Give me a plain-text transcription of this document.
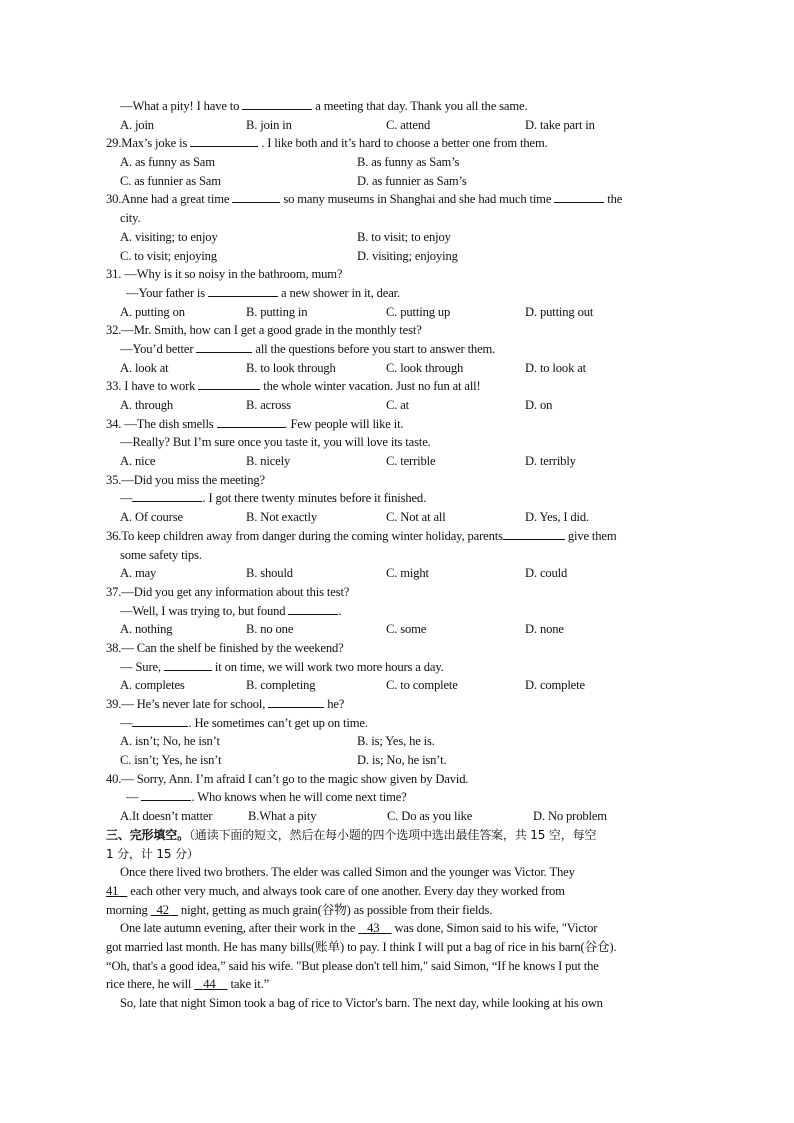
—What a pity! I have to	a meeting that day. Thank you all the same.
A. join	B. join in	C. attend	D. take part in
29.Max’s joke is	. I like both and it’s hard to choose a better one from them.
A. as funny as Sam	B. as funny as Sam’s
C. as funnier as Sam	D. as funnier as Sam’s
30.Anne had a great time	so many museums in Shanghai and she had much time	the
city.
A. visiting; to enjoy	B. to visit; to enjoy
C. to visit; enjoying	D. visiting; enjoying
31. —Why is it so noisy in the bathroom, mum?
—Your father is	a new shower in it, dear.
A. putting on	B. putting in	C. putting up	D. putting out
32.—Mr. Smith, how can I get a good grade in the monthly test?
—You’d better	all the questions before you start to answer them.
A. look at	B. to look through	C. look through	D. to look at
33. I have to work	the whole winter vacation. Just no fun at all!
A. through	B. across	C. at	D. on
34. —The dish smells	. Few people will like it.
—Really? But I’m sure once you taste it, you will love its taste.
A. nice	B. nicely	C. terrible	D. terribly
35.—Did you miss the meeting?
—	. I got there twenty minutes before it finished.
A. Of course	B. Not exactly	C. Not at all	D. Yes, I did.
36.To keep children away from danger during the coming winter holiday, parents	give them
some safety tips.
A. may	B. should	C. might	D. could
37.—Did you get any information about this test?
—Well, I was trying to, but found	.
A. nothing	B. no one	C. some	D. none
38.— Can the shelf be finished by the weekend?
— Sure,	it on time, we will work two more hours a day.
A. completes	B. completing	C. to complete	D. complete
39.— He’s never late for school,	he?
—	. He sometimes can’t get up on time.
A. isn’t; No, he isn’t	B. is; Yes, he is.
C. isn’t; Yes, he isn’t	D. is; No, he isn’t.
40.— Sorry, Ann. I’m afraid I can’t go to the magic show given by David.
—	. Who knows when he will come next time?
A.It doesn’t matter	B.What a pity	C. Do as you like	D. No problem
三、完形填空。（通读下面的短文，然后在每小题的四个选项中选出最佳答案，共 15 空，每空
1 分，计 15 分）
Once there lived two brothers. The elder was called Simon and the younger was Victor. They
41    each other very much, and always took care of one another. Every day they worked from
morning   42    night, getting as much grain(谷物) as possible from their fields.
One late autumn evening, after their work in the    43     was done, Simon said to his wife, "Victor
got married last month. He has many bills(账单) to pay. I think I will put a bag of rice in his barn(谷仓).
“Oh, that's a good idea,” said his wife. "But please don't tell him," said Simon, “If he knows I put the
rice there, he will    44     take it.”
So, late that night Simon took a bag of rice to Victor's barn. The next day, while looking at his own
